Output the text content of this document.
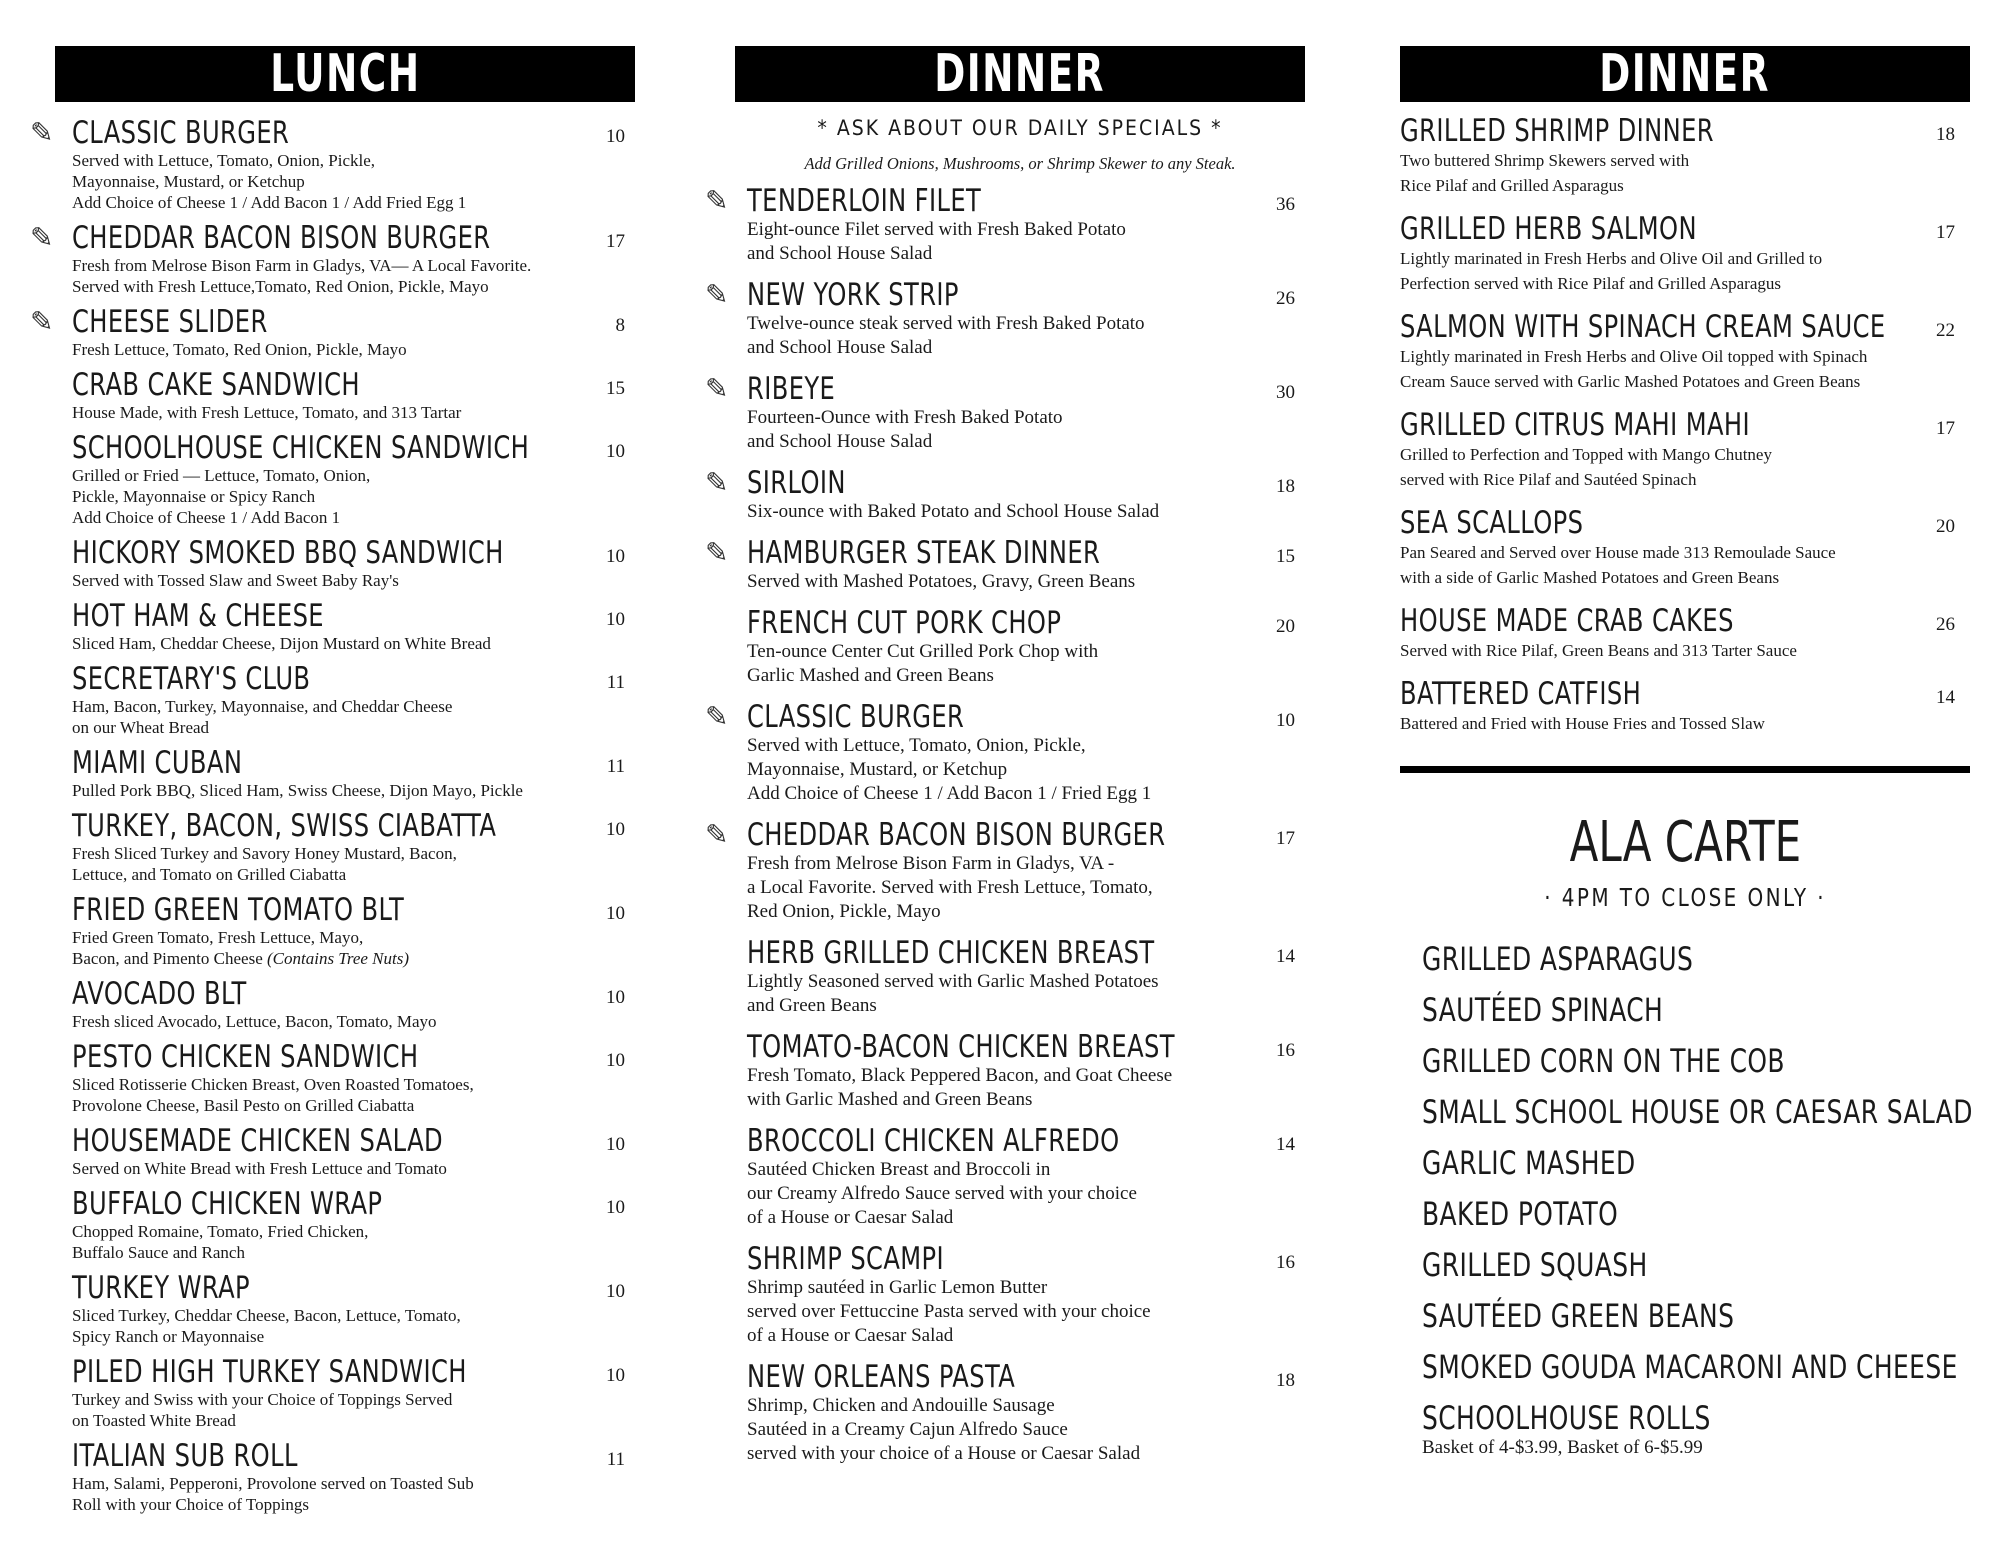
LUNCH
✎ CLASSIC BURGER	10
Served with Lettuce, Tomato, Onion, Pickle,
Mayonnaise, Mustard, or Ketchup
Add Choice of Cheese 1 / Add Bacon 1 / Add Fried Egg 1
✎ CHEDDAR BACON BISON BURGER	17
Fresh from Melrose Bison Farm in Gladys, VA— A Local Favorite.
Served with Fresh Lettuce,Tomato, Red Onion, Pickle, Mayo
✎ CHEESE SLIDER	8
Fresh Lettuce, Tomato, Red Onion, Pickle, Mayo
CRAB CAKE SANDWICH	15
House Made, with Fresh Lettuce, Tomato, and 313 Tartar
SCHOOLHOUSE CHICKEN SANDWICH	10
Grilled or Fried — Lettuce, Tomato, Onion,
Pickle, Mayonnaise or Spicy Ranch
Add Choice of Cheese 1 / Add Bacon 1
HICKORY SMOKED BBQ SANDWICH	10
Served with Tossed Slaw and Sweet Baby Ray's
HOT HAM & CHEESE	10
Sliced Ham, Cheddar Cheese, Dijon Mustard on White Bread
SECRETARY'S CLUB	11
Ham, Bacon, Turkey, Mayonnaise, and Cheddar Cheese
on our Wheat Bread
MIAMI CUBAN	11
Pulled Pork BBQ, Sliced Ham, Swiss Cheese, Dijon Mayo, Pickle
TURKEY, BACON, SWISS CIABATTA	10
Fresh Sliced Turkey and Savory Honey Mustard, Bacon,
Lettuce, and Tomato on Grilled Ciabatta
FRIED GREEN TOMATO BLT	10
Fried Green Tomato, Fresh Lettuce, Mayo,
Bacon, and Pimento Cheese (Contains Tree Nuts)
AVOCADO BLT	10
Fresh sliced Avocado, Lettuce, Bacon, Tomato, Mayo
PESTO CHICKEN SANDWICH	10
Sliced Rotisserie Chicken Breast, Oven Roasted Tomatoes,
Provolone Cheese, Basil Pesto on Grilled Ciabatta
HOUSEMADE CHICKEN SALAD	10
Served on White Bread with Fresh Lettuce and Tomato
BUFFALO CHICKEN WRAP	10
Chopped Romaine, Tomato, Fried Chicken,
Buffalo Sauce and Ranch
TURKEY WRAP	10
Sliced Turkey, Cheddar Cheese, Bacon, Lettuce, Tomato,
Spicy Ranch or Mayonnaise
PILED HIGH TURKEY SANDWICH	10
Turkey and Swiss with your Choice of Toppings Served
on Toasted White Bread
ITALIAN SUB ROLL	11
Ham, Salami, Pepperoni, Provolone served on Toasted Sub
Roll with your Choice of Toppings
DINNER
* ASK ABOUT OUR DAILY SPECIALS *
Add Grilled Onions, Mushrooms, or Shrimp Skewer to any Steak.
✎ TENDERLOIN FILET	36
Eight-ounce Filet served with Fresh Baked Potato
and School House Salad
✎ NEW YORK STRIP	26
Twelve-ounce steak served with Fresh Baked Potato
and School House Salad
✎ RIBEYE	30
Fourteen-Ounce with Fresh Baked Potato
and School House Salad
✎ SIRLOIN	18
Six-ounce with Baked Potato and School House Salad
✎ HAMBURGER STEAK DINNER	15
Served with Mashed Potatoes, Gravy, Green Beans
FRENCH CUT PORK CHOP	20
Ten-ounce Center Cut Grilled Pork Chop with
Garlic Mashed and Green Beans
✎ CLASSIC BURGER	10
Served with Lettuce, Tomato, Onion, Pickle,
Mayonnaise, Mustard, or Ketchup
Add Choice of Cheese 1 / Add Bacon 1 / Fried Egg 1
✎ CHEDDAR BACON BISON BURGER	17
Fresh from Melrose Bison Farm in Gladys, VA -
a Local Favorite. Served with Fresh Lettuce, Tomato,
Red Onion, Pickle, Mayo
HERB GRILLED CHICKEN BREAST	14
Lightly Seasoned served with Garlic Mashed Potatoes
and Green Beans
TOMATO-BACON CHICKEN BREAST	16
Fresh Tomato, Black Peppered Bacon, and Goat Cheese
with Garlic Mashed and Green Beans
BROCCOLI CHICKEN ALFREDO	14
Sautéed Chicken Breast and Broccoli in
our Creamy Alfredo Sauce served with your choice
of a House or Caesar Salad
SHRIMP SCAMPI	16
Shrimp sautéed in Garlic Lemon Butter
served over Fettuccine Pasta served with your choice
of a House or Caesar Salad
NEW ORLEANS PASTA	18
Shrimp, Chicken and Andouille Sausage
Sautéed in a Creamy Cajun Alfredo Sauce
served with your choice of a House or Caesar Salad
DINNER
GRILLED SHRIMP DINNER	18
Two buttered Shrimp Skewers served with
Rice Pilaf and Grilled Asparagus
GRILLED HERB SALMON	17
Lightly marinated in Fresh Herbs and Olive Oil and Grilled to
Perfection served with Rice Pilaf and Grilled Asparagus
SALMON WITH SPINACH CREAM SAUCE	22
Lightly marinated in Fresh Herbs and Olive Oil topped with Spinach
Cream Sauce served with Garlic Mashed Potatoes and Green Beans
GRILLED CITRUS MAHI MAHI	17
Grilled to Perfection and Topped with Mango Chutney
served with Rice Pilaf and Sautéed Spinach
SEA SCALLOPS	20
Pan Seared and Served over House made 313 Remoulade Sauce
with a side of Garlic Mashed Potatoes and Green Beans
HOUSE MADE CRAB CAKES	26
Served with Rice Pilaf, Green Beans and 313 Tarter Sauce
BATTERED CATFISH	14
Battered and Fried with House Fries and Tossed Slaw
ALA CARTE
· 4PM TO CLOSE ONLY ·
GRILLED ASPARAGUS
SAUTÉED SPINACH
GRILLED CORN ON THE COB
SMALL SCHOOL HOUSE OR CAESAR SALAD
GARLIC MASHED
BAKED POTATO
GRILLED SQUASH
SAUTÉED GREEN BEANS
SMOKED GOUDA MACARONI AND CHEESE
SCHOOLHOUSE ROLLS
Basket of 4-$3.99, Basket of 6-$5.99
